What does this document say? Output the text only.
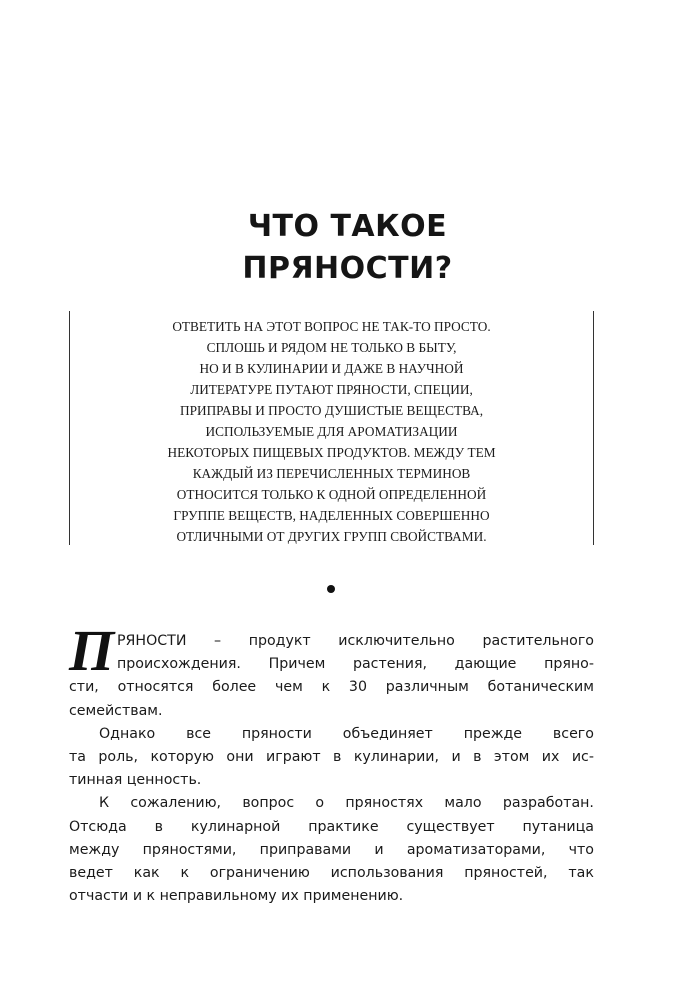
ЧТО ТАКОЕ
ПРЯНОСТИ?
ОТВЕТИТЬ НА ЭТОТ ВОПРОС НЕ ТАК-ТО ПРОСТО.
СПЛОШЬ И РЯДОМ НЕ ТОЛЬКО В БЫТУ,
НО И В КУЛИНАРИИ И ДАЖЕ В НАУЧНОЙ
ЛИТЕРАТУРЕ ПУТАЮТ ПРЯНОСТИ, СПЕЦИИ,
ПРИПРАВЫ И ПРОСТО ДУШИСТЫЕ ВЕЩЕСТВА,
ИСПОЛЬЗУЕМЫЕ ДЛЯ АРОМАТИЗАЦИИ
НЕКОТОРЫХ ПИЩЕВЫХ ПРОДУКТОВ. МЕЖДУ ТЕМ
КАЖДЫЙ ИЗ ПЕРЕЧИСЛЕННЫХ ТЕРМИНОВ
ОТНОСИТСЯ ТОЛЬКО К ОДНОЙ ОПРЕДЕЛЕННОЙ
ГРУППЕ ВЕЩЕСТВ, НАДЕЛЕННЫХ СОВЕРШЕННО
ОТЛИЧНЫМИ ОТ ДРУГИХ ГРУПП СВОЙСТВАМИ.
П РЯНОСТИ – продукт исключительно растительного
происхождения. Причем растения, дающие пряно-
сти, относятся более чем к 30 различным ботаническим
семействам.
Однако все пряности объединяет прежде всего
та роль, которую они играют в кулинарии, и в этом их ис-
тинная ценность.
К сожалению, вопрос о пряностях мало разработан.
Отсюда в кулинарной практике существует путаница
между пряностями, приправами и ароматизаторами, что
ведет как к ограничению использования пряностей, так
отчасти и к неправильному их применению.
